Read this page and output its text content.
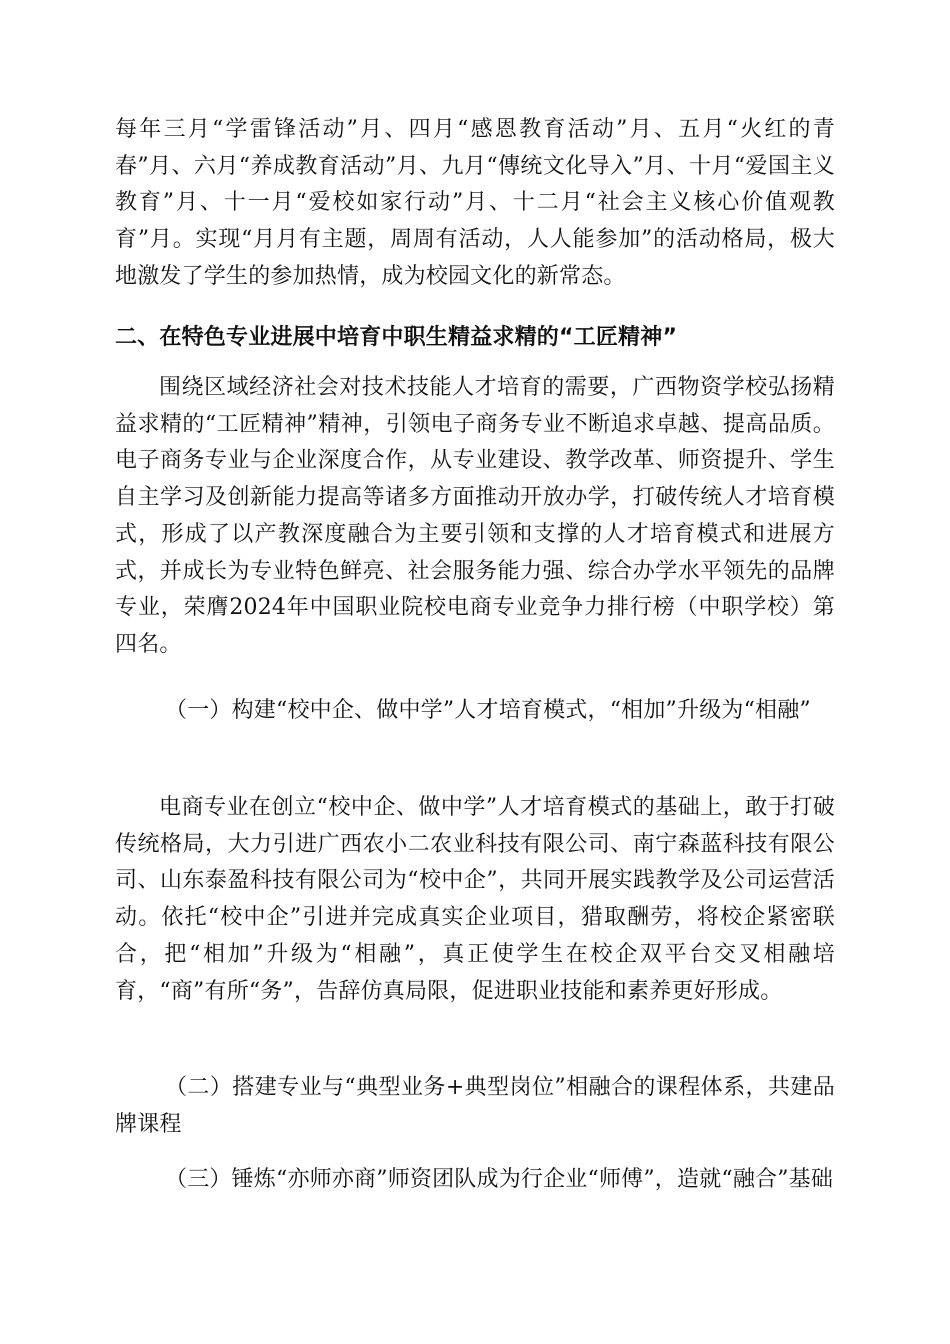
每年三月“学雷锋活动”月、四月“感恩教育活动”月、五月“火红的青春”月、六月“养成教育活动”月、九月“傳统文化导入”月、十月“爱国主义教育”月、十一月“爱校如家行动”月、十二月“社会主义核心价值观教育”月。实现“月月有主题，周周有活动，人人能参加”的活动格局，极大地激发了学生的参加热情，成为校园文化的新常态。

二、在特色专业进展中培育中职生精益求精的“工匠精神”

围绕区域经济社会对技术技能人才培育的需要，广西物资学校弘扬精益求精的“工匠精神”精神，引领电子商务专业不断追求卓越、提高品质。电子商务专业与企业深度合作，从专业建设、教学改革、师资提升、学生自主学习及创新能力提高等诸多方面推动开放办学，打破传统人才培育模式，形成了以产教深度融合为主要引领和支撑的人才培育模式和进展方式，并成长为专业特色鲜亮、社会服务能力强、综合办学水平领先的品牌专业，荣膺2024年中国职业院校电商专业竞争力排行榜（中职学校）第四名。

（一）构建“校中企、做中学”人才培育模式，“相加”升级为“相融”

电商专业在创立“校中企、做中学”人才培育模式的基础上，敢于打破传统格局，大力引进广西农小二农业科技有限公司、南宁森蓝科技有限公司、山东泰盈科技有限公司为“校中企”，共同开展实践教学及公司运营活动。依托“校中企”引进并完成真实企业项目，猎取酬劳，将校企紧密联合，把“相加”升级为“相融”，真正使学生在校企双平台交叉相融培育，“商”有所“务”，告辞仿真局限，促进职业技能和素养更好形成。

（二）搭建专业与“典型业务+典型岗位”相融合的课程体系，共建品牌课程

（三）锤炼“亦师亦商”师资团队成为行企业“师傅”，造就“融合”基础
